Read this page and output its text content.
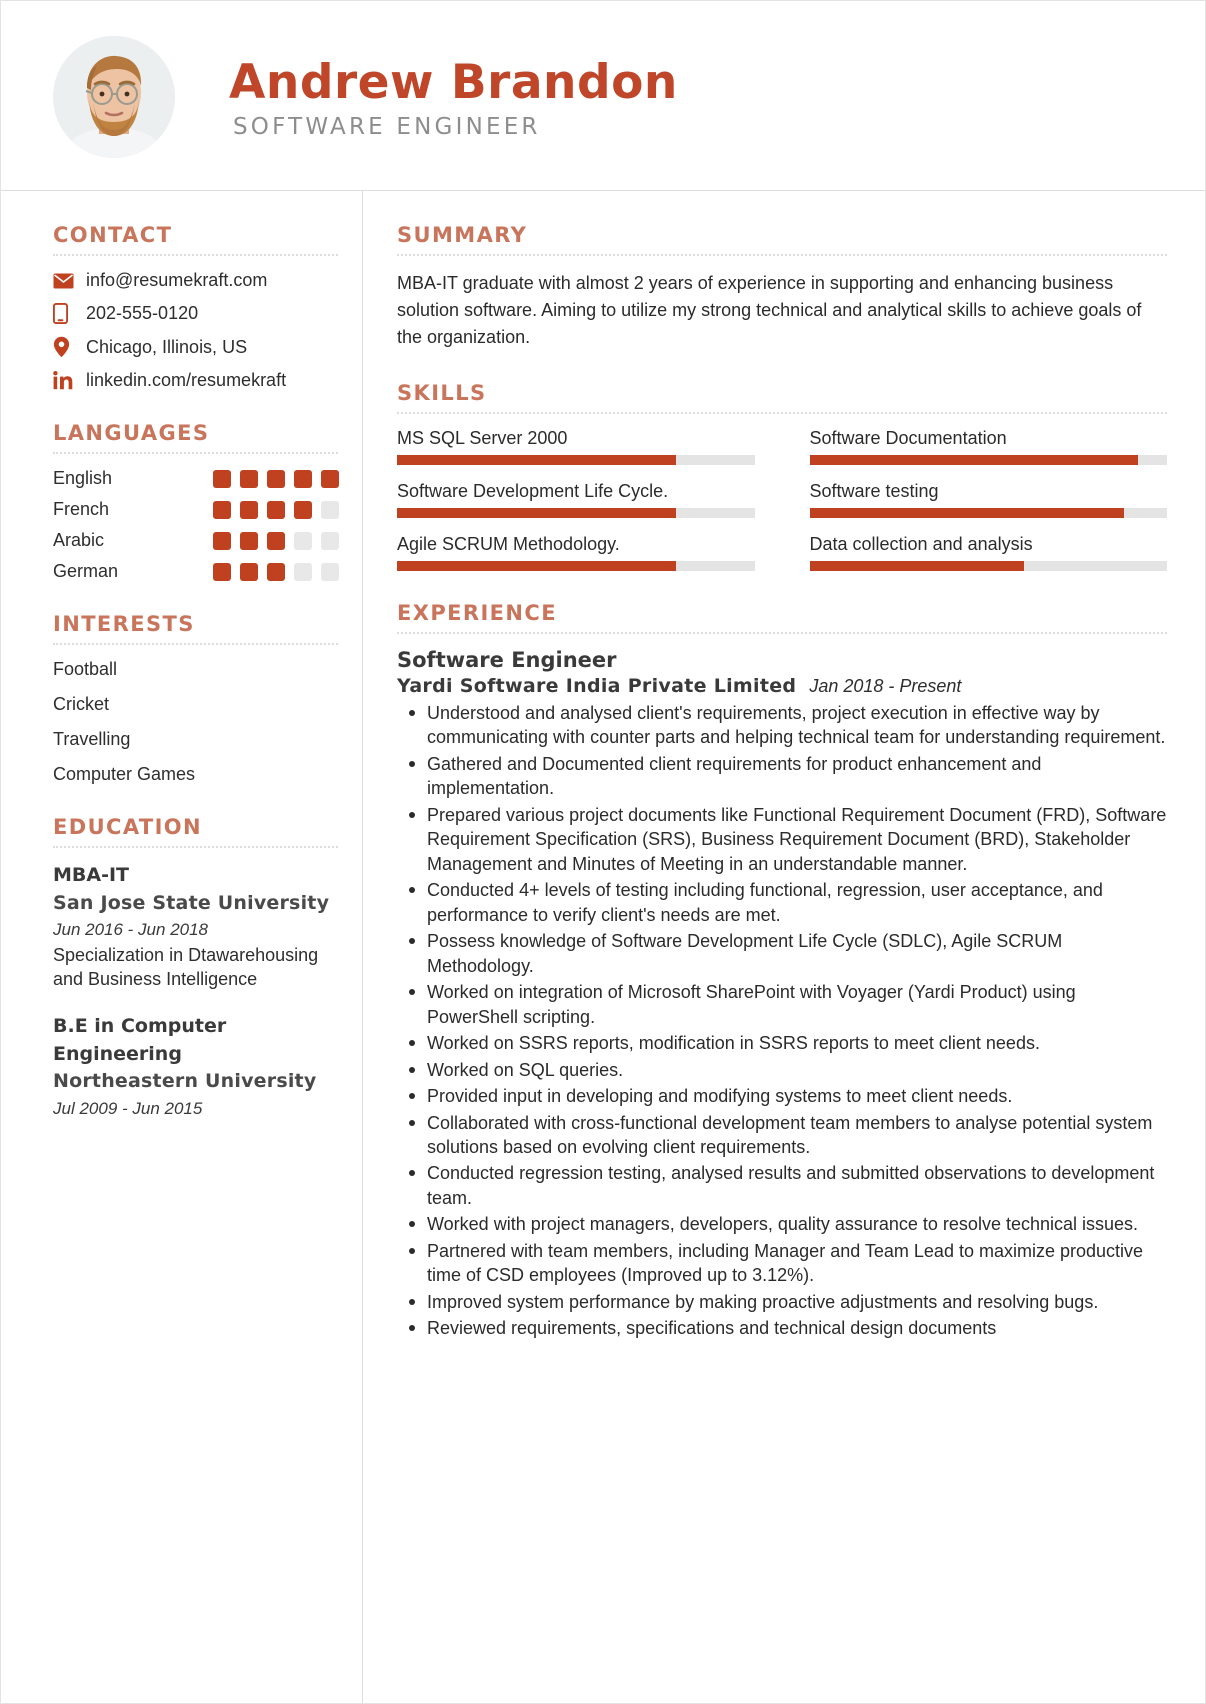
Andrew Brandon
SOFTWARE ENGINEER
CONTACT
info@resumekraft.com
202-555-0120
Chicago, Illinois, US
linkedin.com/resumekraft
LANGUAGES
English
French
Arabic
German
INTERESTS
Football
Cricket
Travelling
Computer Games
EDUCATION
MBA-IT
San Jose State University
Jun 2016 - Jun 2018
Specialization in Dtawarehousing and Business Intelligence
B.E in Computer Engineering
Northeastern University
Jul 2009 - Jun 2015
SUMMARY
MBA-IT graduate with almost 2 years of experience in supporting and enhancing business solution software. Aiming to utilize my strong technical and analytical skills to achieve goals of the organization.
SKILLS
MS SQL Server 2000	Software Documentation
Software Development Life Cycle.	Software testing
Agile SCRUM Methodology.	Data collection and analysis
EXPERIENCE
Software Engineer
Yardi Software India Private Limited Jan 2018 - Present
Understood and analysed client's requirements, project execution in effective way by communicating with counter parts and helping technical team for understanding requirement.
Gathered and Documented client requirements for product enhancement and implementation.
Prepared various project documents like Functional Requirement Document (FRD), Software Requirement Specification (SRS), Business Requirement Document (BRD), Stakeholder Management and Minutes of Meeting in an understandable manner.
Conducted 4+ levels of testing including functional, regression, user acceptance, and performance to verify client's needs are met.
Possess knowledge of Software Development Life Cycle (SDLC), Agile SCRUM Methodology.
Worked on integration of Microsoft SharePoint with Voyager (Yardi Product) using PowerShell scripting.
Worked on SSRS reports, modification in SSRS reports to meet client needs.
Worked on SQL queries.
Provided input in developing and modifying systems to meet client needs.
Collaborated with cross-functional development team members to analyse potential system solutions based on evolving client requirements.
Conducted regression testing, analysed results and submitted observations to development team.
Worked with project managers, developers, quality assurance to resolve technical issues.
Partnered with team members, including Manager and Team Lead to maximize productive time of CSD employees (Improved up to 3.12%).
Improved system performance by making proactive adjustments and resolving bugs.
Reviewed requirements, specifications and technical design documents
